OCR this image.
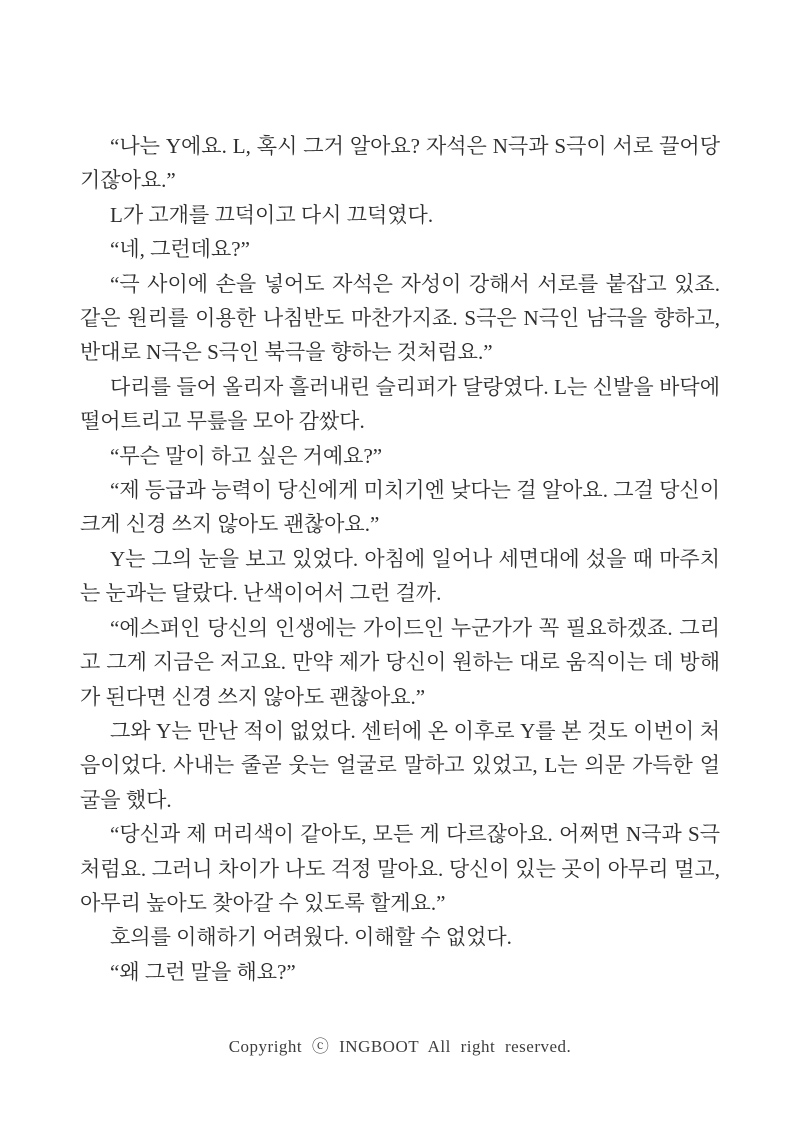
“나는 Y에요. L, 혹시 그거 알아요? 자석은 N극과 S극이 서로 끌어당기잖아요.”

L가 고개를 끄덕이고 다시 끄덕였다.

“네, 그런데요?”

“극 사이에 손을 넣어도 자석은 자성이 강해서 서로를 붙잡고 있죠. 같은 원리를 이용한 나침반도 마찬가지죠. S극은 N극인 남극을 향하고, 반대로 N극은 S극인 북극을 향하는 것처럼요.”

다리를 들어 올리자 흘러내린 슬리퍼가 달랑였다. L는 신발을 바닥에 떨어트리고 무릎을 모아 감쌌다.

“무슨 말이 하고 싶은 거예요?”

“제 등급과 능력이 당신에게 미치기엔 낮다는 걸 알아요. 그걸 당신이 크게 신경 쓰지 않아도 괜찮아요.”

Y는 그의 눈을 보고 있었다. 아침에 일어나 세면대에 섰을 때 마주치는 눈과는 달랐다. 난색이어서 그런 걸까.

“에스퍼인 당신의 인생에는 가이드인 누군가가 꼭 필요하겠죠. 그리고 그게 지금은 저고요. 만약 제가 당신이 원하는 대로 움직이는 데 방해가 된다면 신경 쓰지 않아도 괜찮아요.”

그와 Y는 만난 적이 없었다. 센터에 온 이후로 Y를 본 것도 이번이 처음이었다. 사내는 줄곧 웃는 얼굴로 말하고 있었고, L는 의문 가득한 얼굴을 했다.

“당신과 제 머리색이 같아도, 모든 게 다르잖아요. 어쩌면 N극과 S극처럼요. 그러니 차이가 나도 걱정 말아요. 당신이 있는 곳이 아무리 멀고, 아무리 높아도 찾아갈 수 있도록 할게요.”

호의를 이해하기 어려웠다. 이해할 수 없었다.

“왜 그런 말을 해요?”

Copyright ⓒ INGBOOT All right reserved.
